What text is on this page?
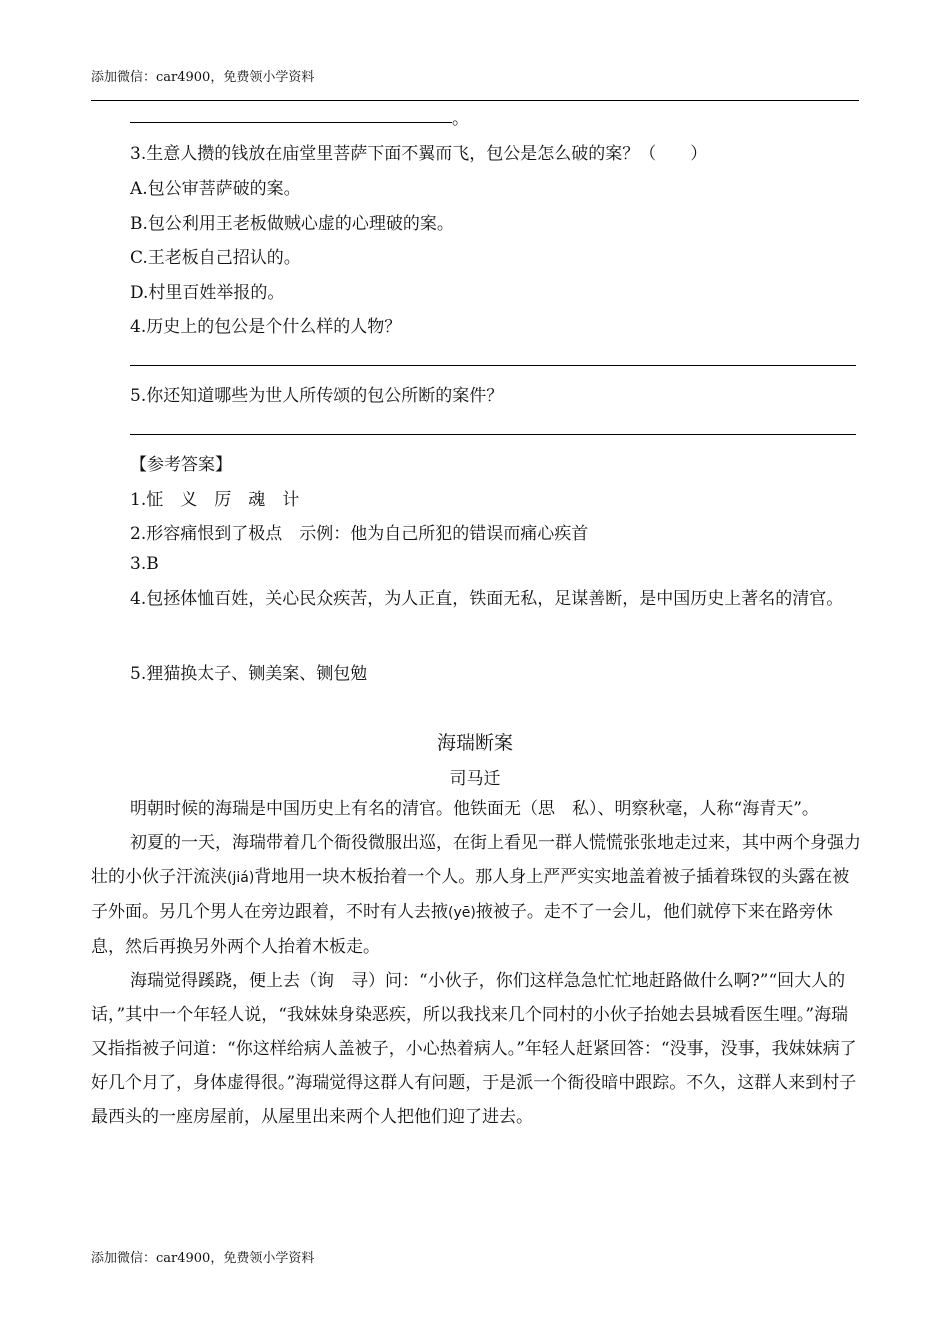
添加微信：car4900，免费领小学资料
。
3.生意人攒的钱放在庙堂里菩萨下面不翼而飞，包公是怎么破的案？（　　）
A.包公审菩萨破的案。
B.包公利用王老板做贼心虚的心理破的案。
C.王老板自己招认的。
D.村里百姓举报的。
4.历史上的包公是个什么样的人物？
5.你还知道哪些为世人所传颂的包公所断的案件？
【参考答案】
1.怔　义　厉　魂　计
2.形容痛恨到了极点　示例：他为自己所犯的错误而痛心疾首
3.B

4.包拯体恤百姓，关心民众疾苦，为人正直，铁面无私，足谋善断，是中国历史上著名的清官。

5.狸猫换太子、铡美案、铡包勉
海瑞断案
司马迁

明朝时候的海瑞是中国历史上有名的清官。他铁面无（思　私）、明察秋毫，人称“海青天”。

初夏的一天，海瑞带着几个衙役微服出巡，在街上看见一群人慌慌张张地走过来，其中两个身强力壮的小伙子汗流浃(jiá)背地用一块木板抬着一个人。那人身上严严实实地盖着被子插着珠钗的头露在被子外面。另几个男人在旁边跟着，不时有人去掖(yē)掖被子。走不了一会儿，他们就停下来在路旁休息，然后再换另外两个人抬着木板走。

海瑞觉得蹊跷，便上去（询　寻）问：“小伙子，你们这样急急忙忙地赶路做什么啊?”“回大人的话，”其中一个年轻人说，“我妹妹身染恶疾，所以我找来几个同村的小伙子抬她去县城看医生哩。”海瑞又指指被子问道：“你这样给病人盖被子，小心热着病人。”年轻人赶紧回答：“没事，没事，我妹妹病了好几个月了，身体虚得很。”海瑞觉得这群人有问题，于是派一个衙役暗中跟踪。不久，这群人来到村子最西头的一座房屋前，从屋里出来两个人把他们迎了进去。

添加微信：car4900，免费领小学资料
